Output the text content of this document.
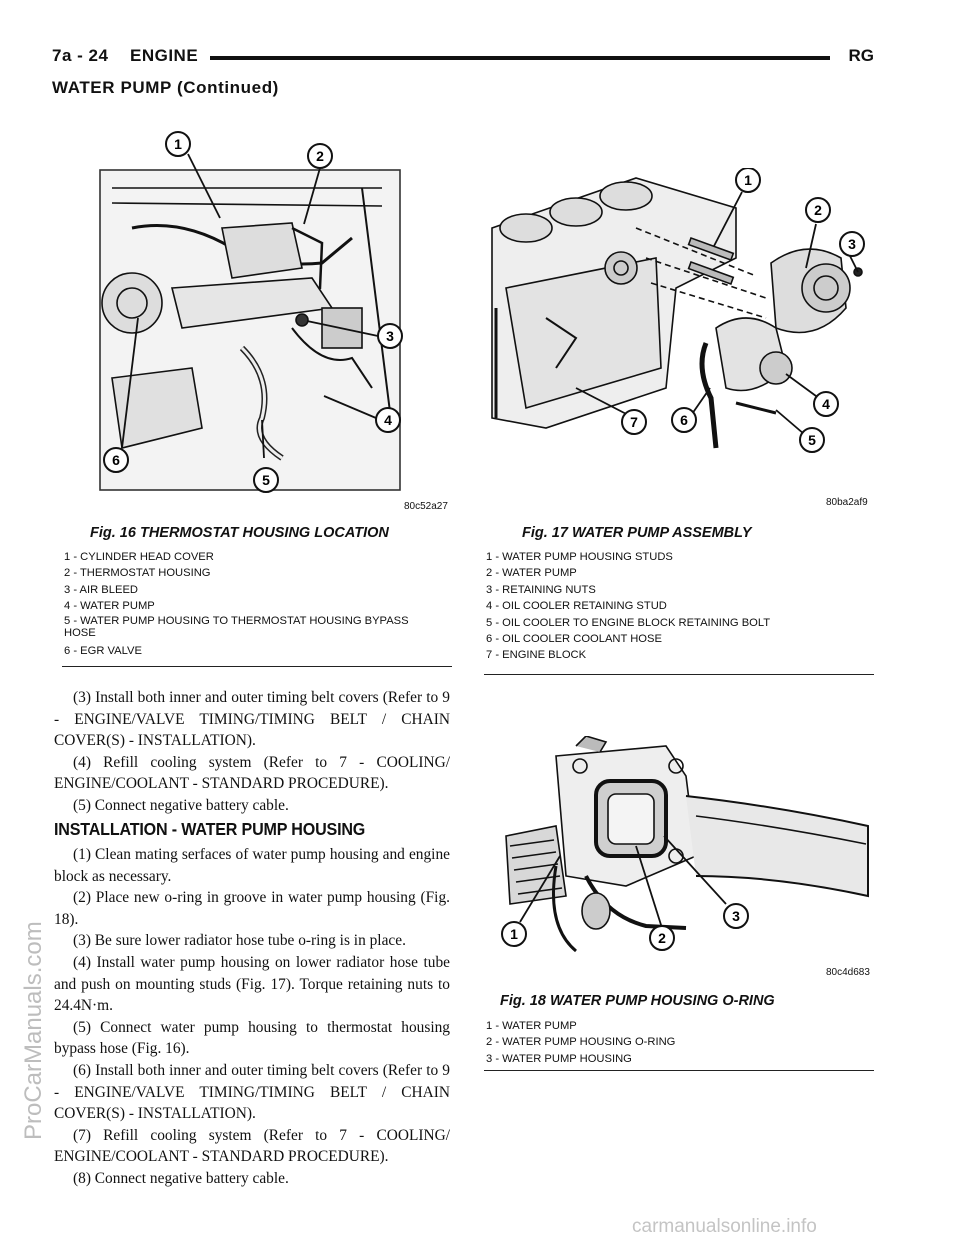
7a - 24 ENGINE	RG
WATER PUMP (Continued)
1
2
3
4
5
6
80c52a27
Fig. 16 THERMOSTAT HOUSING LOCATION
1 - CYLINDER HEAD COVER
2 - THERMOSTAT HOUSING
3 - AIR BLEED
4 - WATER PUMP
5 - WATER PUMP HOUSING TO THERMOSTAT HOUSING BYPASS HOSE
6 - EGR VALVE
1
2
3
4
5
6
7
80ba2af9
Fig. 17 WATER PUMP ASSEMBLY
1 - WATER PUMP HOUSING STUDS
2 - WATER PUMP
3 - RETAINING NUTS
4 - OIL COOLER RETAINING STUD
5 - OIL COOLER TO ENGINE BLOCK RETAINING BOLT
6 - OIL COOLER COOLANT HOSE
7 - ENGINE BLOCK

(3) Install both inner and outer timing belt covers (Refer to 9 - ENGINE/VALVE TIMING/TIMING BELT / CHAIN COVER(S) - INSTALLATION).

(4) Refill cooling system (Refer to 7 - COOLING/ ENGINE/COOLANT - STANDARD PROCEDURE).

(5) Connect negative battery cable.

INSTALLATION - WATER PUMP HOUSING

(1) Clean mating serfaces of water pump housing and engine block as necessary.

(2) Place new o-ring in groove in water pump housing (Fig. 18).

(3) Be sure lower radiator hose tube o-ring is in place.

(4) Install water pump housing on lower radiator hose tube and push on mounting studs (Fig. 17). Torque retaining nuts to 24.4N·m.

(5) Connect water pump housing to thermostat housing bypass hose (Fig. 16).

(6) Install both inner and outer timing belt covers (Refer to 9 - ENGINE/VALVE TIMING/TIMING BELT / CHAIN COVER(S) - INSTALLATION).

(7) Refill cooling system (Refer to 7 - COOLING/ ENGINE/COOLANT - STANDARD PROCEDURE).

(8) Connect negative battery cable.

1	2
3
80c4d683
Fig. 18 WATER PUMP HOUSING O-RING
1 - WATER PUMP
2 - WATER PUMP HOUSING O-RING
3 - WATER PUMP HOUSING
ProCarManuals.com
carmanualsonline.info
